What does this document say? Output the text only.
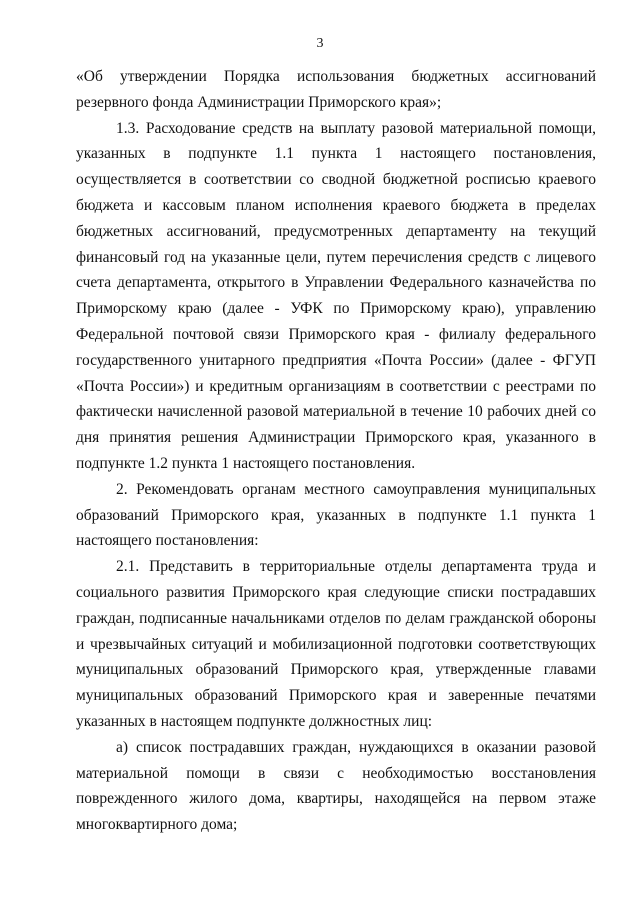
3

«Об утверждении Порядка использования бюджетных ассигнований резервного фонда Администрации Приморского края»;

1.3. Расходование средств на выплату разовой материальной помощи, указанных в подпункте 1.1 пункта 1 настоящего постановления, осуществляется в соответствии со сводной бюджетной росписью краевого бюджета и кассовым планом исполнения краевого бюджета в пределах бюджетных ассигнований, предусмотренных департаменту на текущий финансовый год на указанные цели, путем перечисления средств с лицевого счета департамента, открытого в Управлении Федерального казначейства по Приморскому краю (далее - УФК по Приморскому краю), управлению Федеральной почтовой связи Приморского края - филиалу федерального государственного унитарного предприятия «Почта России» (далее - ФГУП «Почта России») и кредитным организациям в соответствии с реестрами по фактически начисленной разовой материальной в течение 10 рабочих дней со дня принятия решения Администрации Приморского края, указанного в подпункте 1.2 пункта 1 настоящего постановления.

2. Рекомендовать органам местного самоуправления муниципальных образований Приморского края, указанных в подпункте 1.1 пункта 1 настоящего постановления:

2.1. Представить в территориальные отделы департамента труда и социального развития Приморского края следующие списки пострадавших граждан, подписанные начальниками отделов по делам гражданской обороны и чрезвычайных ситуаций и мобилизационной подготовки соответствующих муниципальных образований Приморского края, утвержденные главами муниципальных образований Приморского края и заверенные печатями указанных в настоящем подпункте должностных лиц:

а) список пострадавших граждан, нуждающихся в оказании разовой материальной помощи в связи с необходимостью восстановления поврежденного жилого дома, квартиры, находящейся на первом этаже многоквартирного дома;
